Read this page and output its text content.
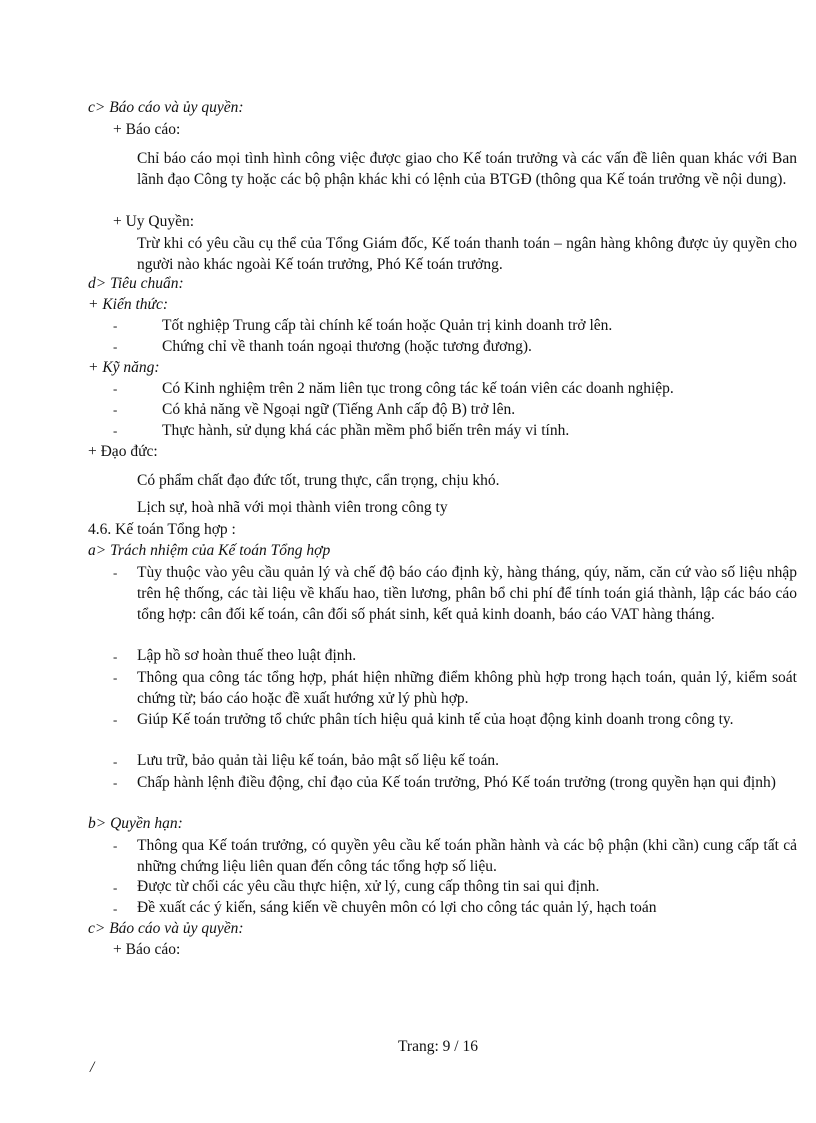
c> Báo cáo và ủy quyền:
+ Báo cáo:
Chỉ báo cáo mọi tình hình công việc được giao cho Kế toán trưởng và các vấn đề liên quan khác với Ban lãnh đạo Công ty hoặc các bộ phận khác khi có lệnh của BTGĐ (thông qua Kế toán trưởng về nội dung).
+ Uy Quyền:
Trừ khi có yêu cầu cụ thể của Tổng Giám đốc, Kế toán thanh toán – ngân hàng không được ủy quyền cho người nào khác ngoài Kế toán trưởng, Phó Kế toán trưởng.
d> Tiêu chuẩn:
+ Kiến thức:
-	Tốt nghiệp Trung cấp tài chính kế toán hoặc Quản trị kinh doanh trở lên.
-	Chứng chỉ về thanh toán ngoại thương (hoặc tương đương).
+ Kỹ năng:
-	Có Kinh nghiệm trên 2 năm liên tục trong công tác kế toán viên các doanh nghiệp.
-	Có khả năng về Ngoại ngữ (Tiếng Anh cấp độ B) trở lên.
-	Thực hành, sử dụng khá các phần mềm phổ biến trên máy vi tính.
+ Đạo đức:
Có phẩm chất đạo đức tốt, trung thực, cẩn trọng, chịu khó.
Lịch sự, hoà nhã với mọi thành viên trong công ty
4.6. Kế toán Tổng hợp :
a> Trách nhiệm của Kế toán Tổng hợp
- Tùy thuộc vào yêu cầu quản lý và chế độ báo cáo định kỳ, hàng tháng, qúy, năm, căn cứ vào số liệu nhập trên hệ thống, các tài liệu về khấu hao, tiền lương, phân bổ chi phí để tính toán giá thành, lập các báo cáo tổng hợp: cân đối kế toán, cân đối số phát sinh, kết quả kinh doanh, báo cáo VAT hàng tháng.
- Lập hồ sơ hoàn thuế theo luật định.
- Thông qua công tác tổng hợp, phát hiện những điểm không phù hợp trong hạch toán, quản lý, kiểm soát chứng từ; báo cáo hoặc đề xuất hướng xử lý phù hợp.
- Giúp Kế toán trưởng tổ chức phân tích hiệu quả kinh tế của hoạt động kinh doanh trong công ty.
- Lưu trữ, bảo quản tài liệu kế toán, bảo mật số liệu kế toán.
- Chấp hành lệnh điều động, chỉ đạo của Kế toán trưởng, Phó Kế toán trưởng (trong quyền hạn qui định)
b> Quyền hạn:
- Thông qua Kế toán trưởng, có quyền yêu cầu kế toán phần hành và các bộ phận (khi cần) cung cấp tất cả những chứng liệu liên quan đến công tác tổng hợp số liệu.
- Được từ chối các yêu cầu thực hiện, xử lý, cung cấp thông tin sai qui định.
- Đề xuất các ý kiến, sáng kiến về chuyên môn có lợi cho công tác quản lý, hạch toán
c> Báo cáo và ủy quyền:
+ Báo cáo:
Trang: 9 / 16
/
